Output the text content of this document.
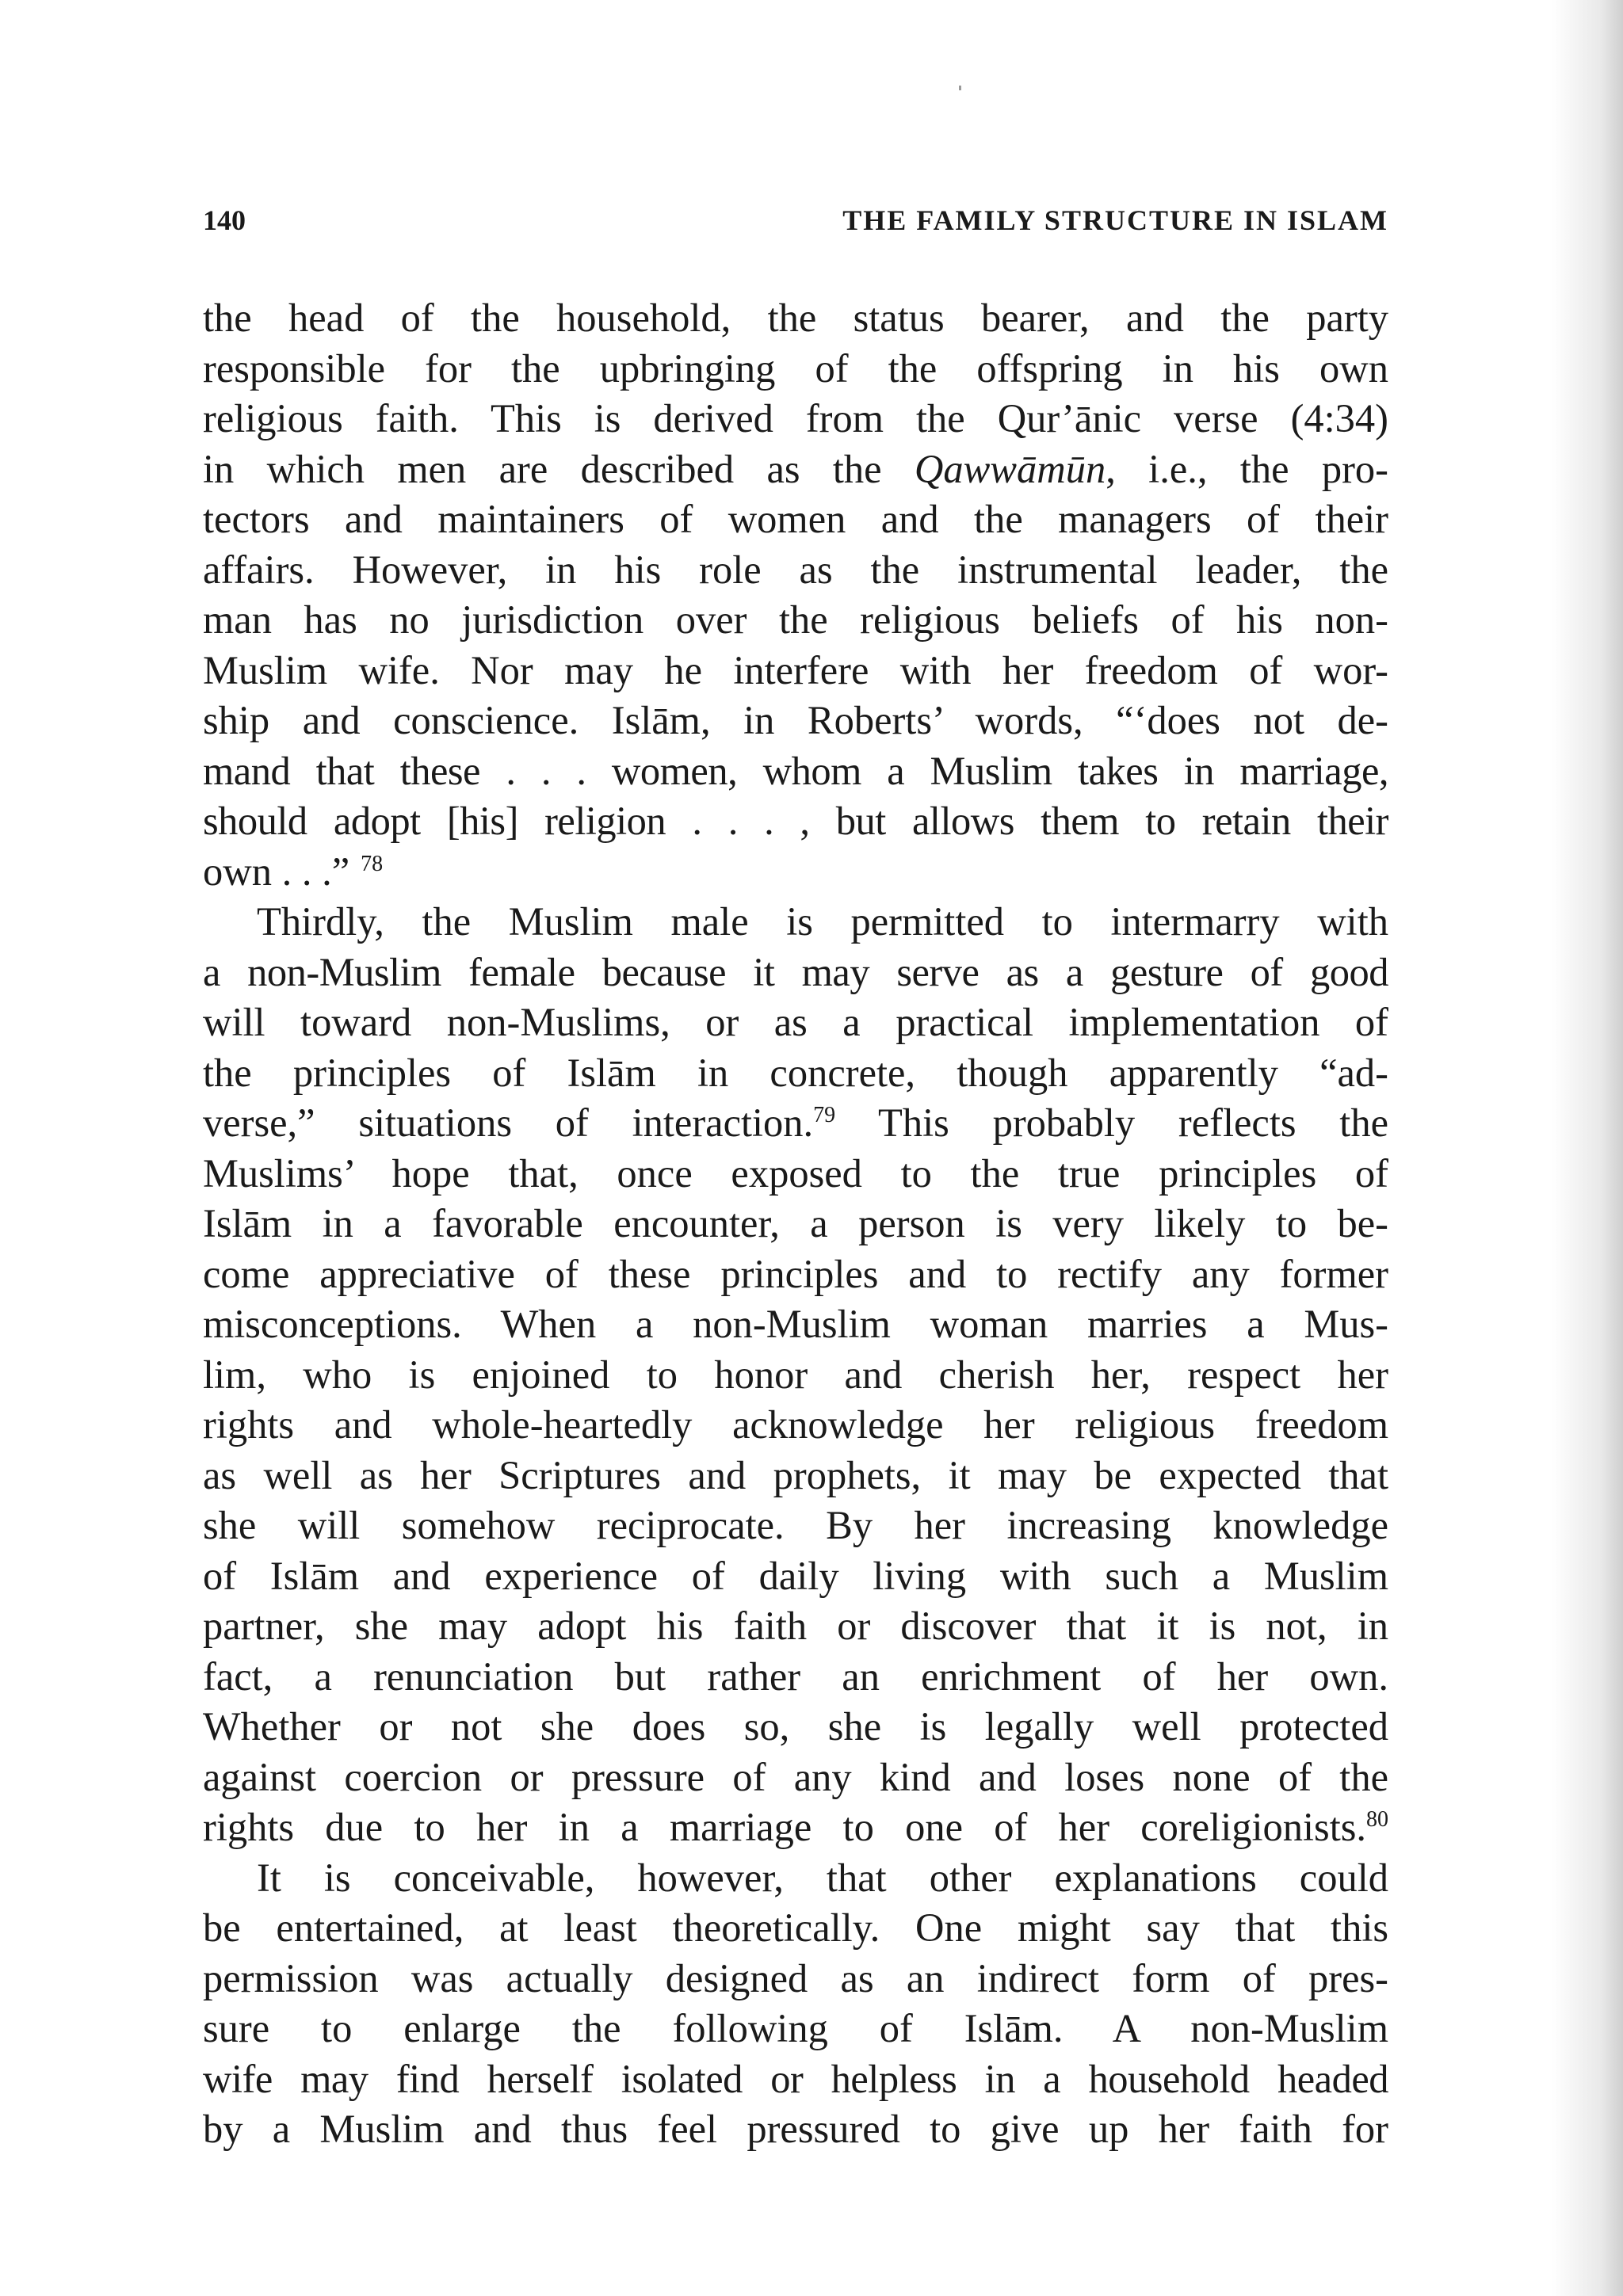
140	THE FAMILY STRUCTURE IN ISLAM
the head of the household, the status bearer, and the party
responsible for the upbringing of the offspring in his own
religious faith. This is derived from the Qur’ānic verse (4:34)
in which men are described as the Qawwāmūn, i.e., the pro-
tectors and maintainers of women and the managers of their
affairs. However, in his role as the instrumental leader, the
man has no jurisdiction over the religious beliefs of his non-
Muslim wife. Nor may he interfere with her freedom of wor-
ship and conscience. Islām, in Roberts’ words, “‘does not de-
mand that these . . . women, whom a Muslim takes in marriage,
should adopt [his] religion . . . , but allows them to retain their
own . . .” $^{78}$
Thirdly, the Muslim male is permitted to intermarry with
a non-Muslim female because it may serve as a gesture of good
will toward non-Muslims, or as a practical implementation of
the principles of Islām in concrete, though apparently “ad-
verse,” situations of interaction.$^{79}$ This probably reflects the
Muslims’ hope that, once exposed to the true principles of
Islām in a favorable encounter, a person is very likely to be-
come appreciative of these principles and to rectify any former
misconceptions. When a non-Muslim woman marries a Mus-
lim, who is enjoined to honor and cherish her, respect her
rights and whole-heartedly acknowledge her religious freedom
as well as her Scriptures and prophets, it may be expected that
she will somehow reciprocate. By her increasing knowledge
of Islām and experience of daily living with such a Muslim
partner, she may adopt his faith or discover that it is not, in
fact, a renunciation but rather an enrichment of her own.
Whether or not she does so, she is legally well protected
against coercion or pressure of any kind and loses none of the
rights due to her in a marriage to one of her coreligionists.$^{80}$
It is conceivable, however, that other explanations could
be entertained, at least theoretically. One might say that this
permission was actually designed as an indirect form of pres-
sure to enlarge the following of Islām. A non-Muslim
wife may find herself isolated or helpless in a household headed
by a Muslim and thus feel pressured to give up her faith for
